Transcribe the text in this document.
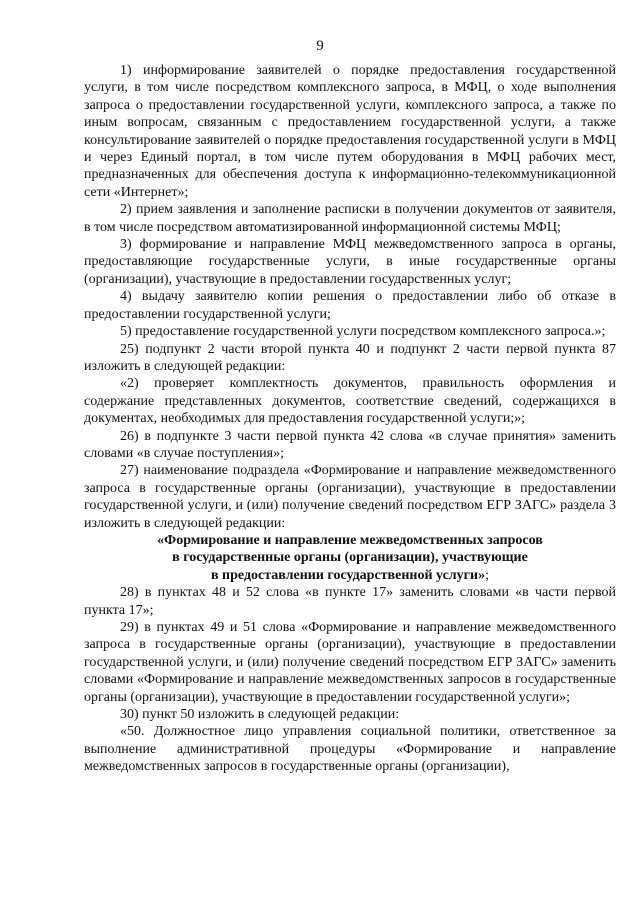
9

1) информирование заявителей о порядке предоставления государственной услуги, в том числе посредством комплексного запроса, в МФЦ, о ходе выполнения запроса о предоставлении государственной услуги, комплексного запроса, а также по иным вопросам, связанным с предоставлением государственной услуги, а также консультирование заявителей о порядке предоставления государственной услуги в МФЦ и через Единый портал, в том числе путем оборудования в МФЦ рабочих мест, предназначенных для обеспечения доступа к информационно-телекоммуникационной сети «Интернет»;

2) прием заявления и заполнение расписки в получении документов от заявителя, в том числе посредством автоматизированной информационной системы МФЦ;

3) формирование и направление МФЦ межведомственного запроса в органы, предоставляющие государственные услуги, в иные государственные органы (организации), участвующие в предоставлении государственных услуг;

4) выдачу заявителю копии решения о предоставлении либо об отказе в предоставлении государственной услуги;

5) предоставление государственной услуги посредством комплексного запроса.»;

25) подпункт 2 части второй пункта 40 и подпункт 2 части первой пункта 87 изложить в следующей редакции:

«2) проверяет комплектность документов, правильность оформления и содержание представленных документов, соответствие сведений, содержащихся в документах, необходимых для предоставления государственной услуги;»;

26) в подпункте 3 части первой пункта 42 слова «в случае принятия» заменить словами «в случае поступления»;

27) наименование подраздела «Формирование и направление межведомственного запроса в государственные органы (организации), участвующие в предоставлении государственной услуги, и (или) получение сведений посредством ЕГР ЗАГС» раздела 3 изложить в следующей редакции:

«Формирование и направление межведомственных запросов
в государственные органы (организации), участвующие
в предоставлении государственной услуги»;

28) в пунктах 48 и 52 слова «в пункте 17» заменить словами «в части первой пункта 17»;

29) в пунктах 49 и 51 слова «Формирование и направление межведомственного запроса в государственные органы (организации), участвующие в предоставлении государственной услуги, и (или) получение сведений посредством ЕГР ЗАГС» заменить словами «Формирование и направление межведомственных запросов в государственные органы (организации), участвующие в предоставлении государственной услуги»;

30) пункт 50 изложить в следующей редакции:

«50. Должностное лицо управления социальной политики, ответственное за выполнение административной процедуры «Формирование и направление межведомственных запросов в государственные органы (организации),
